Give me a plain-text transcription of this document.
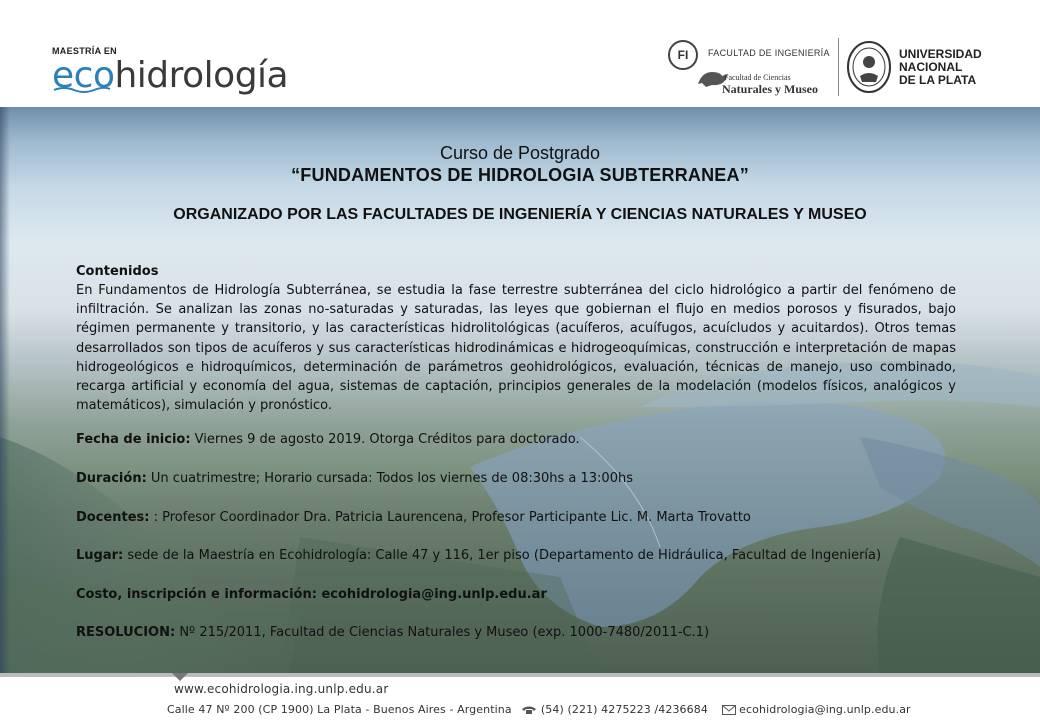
MAESTRÍA EN
ecohidrología	FI	FACULTAD DE INGENIERÍA
Facultad de Ciencias
Naturales y Museo
UNIVERSIDAD
NACIONAL
DE LA PLATA
Curso de Postgrado
“FUNDAMENTOS DE HIDROLOGIA SUBTERRANEA”
ORGANIZADO POR LAS FACULTADES DE INGENIERÍA Y CIENCIAS NATURALES Y MUSEO
Contenidos

En Fundamentos de Hidrología Subterránea, se estudia la fase terrestre subterránea del ciclo hidrológico a partir del fenómeno de infiltración. Se analizan las zonas no-saturadas y saturadas, las leyes que gobiernan el flujo en medios porosos y fisurados, bajo régimen permanente y transitorio, y las características hidrolitológicas (acuíferos, acuífugos, acuícludos y acuitardos). Otros temas desarrollados son tipos de acuíferos y sus características hidrodinámicas e hidrogeoquímicas, construcción e interpretación de mapas hidrogeológicos e hidroquímicos, determinación de parámetros geohidrológicos, evaluación, técnicas de manejo, uso combinado, recarga artificial y economía del agua, sistemas de captación, principios generales de la modelación (modelos físicos, analógicos y matemáticos), simulación y pronóstico.

Fecha de inicio: Viernes 9 de agosto 2019. Otorga Créditos para doctorado.
Duración: Un cuatrimestre; Horario cursada: Todos los viernes de 08:30hs a 13:00hs
Docentes: : Profesor Coordinador Dra. Patricia Laurencena, Profesor Participante Lic. M. Marta Trovatto
Lugar: sede de la Maestría en Ecohidrología: Calle 47 y 116, 1er piso (Departamento de Hidráulica, Facultad de Ingeniería)
Costo, inscripción e información: ecohidrologia@ing.unlp.edu.ar
RESOLUCION: Nº 215/2011, Facultad de Ciencias Naturales y Museo (exp. 1000-7480/2011-C.1)
www.ecohidrologia.ing.unlp.edu.ar
Calle 47 Nº 200 (CP 1900) La Plata - Buenos Aires - Argentina	(54) (221) 4275223 /4236684	ecohidrologia@ing.unlp.edu.ar
